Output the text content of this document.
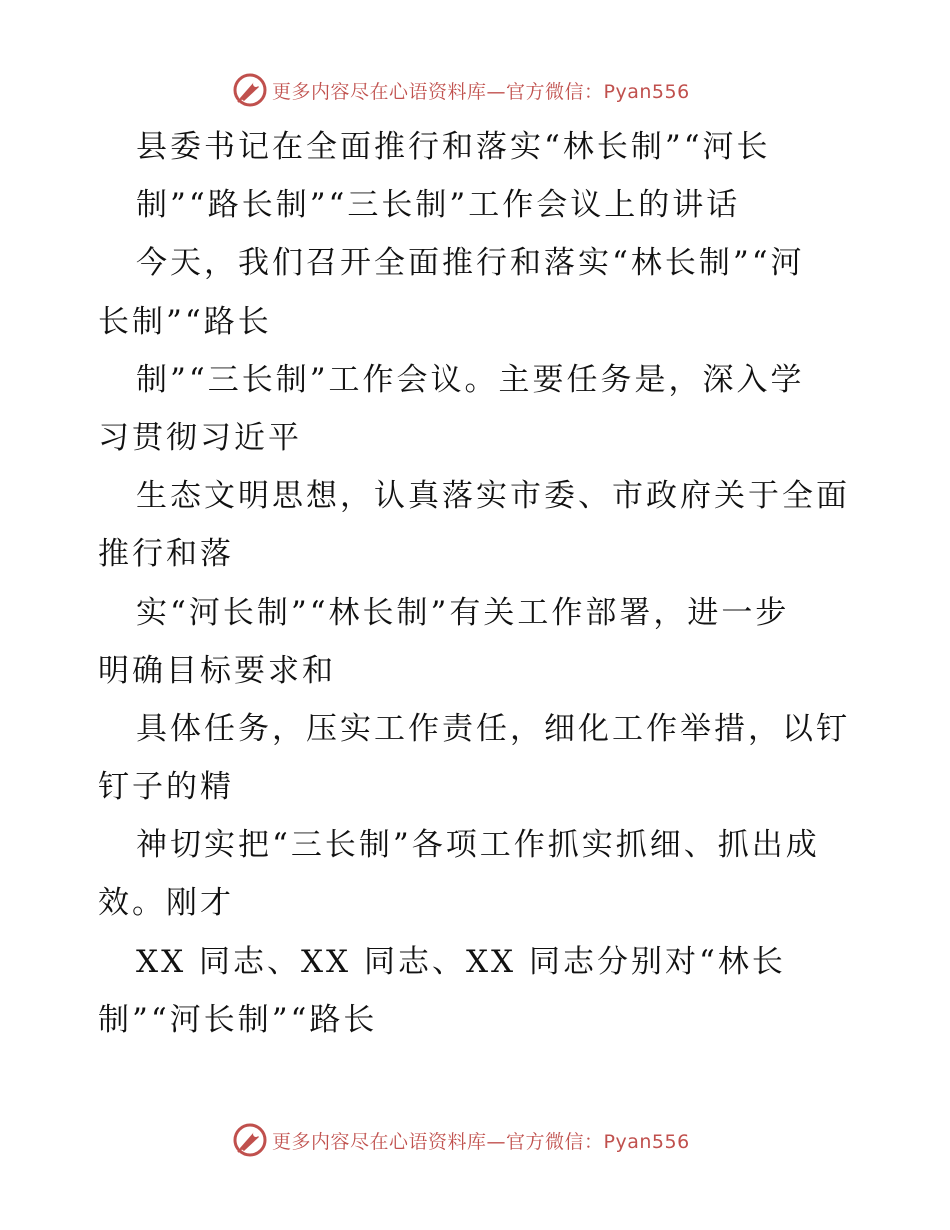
更多内容尽在心语资料库—官方微信：Pyan556
县委书记在全面推行和落实“林长制”“河长
制”“路长制”“三长制”工作会议上的讲话
今天，我们召开全面推行和落实“林长制”“河
长制”“路长
制”“三长制”工作会议。主要任务是，深入学
习贯彻习近平
生态文明思想，认真落实市委、市政府关于全面
推行和落
实“河长制”“林长制”有关工作部署，进一步
明确目标要求和
具体任务，压实工作责任，细化工作举措，以钉
钉子的精
神切实把“三长制”各项工作抓实抓细、抓出成
效。刚才
XX 同志、XX 同志、XX 同志分别对“林长
制”“河长制”“路长
更多内容尽在心语资料库—官方微信：Pyan556
